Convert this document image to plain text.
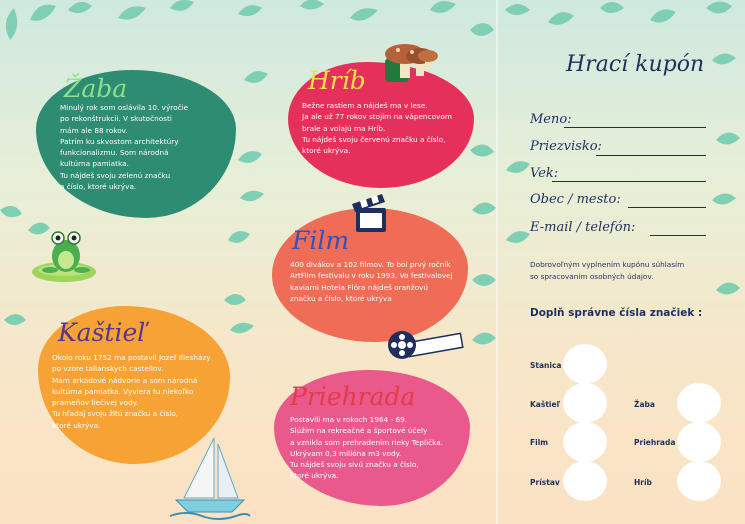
Žaba
Minulý rok som oslávila 10. výročie
po rekonštrukcii. V skutočnosti
mám ale 88 rokov.
Patrím ku skvostom architektúry
funkcionalizmu. Som národná
kultúrna pamiatka.
Tu nájdeš svoju zelenú značku
a číslo, ktoré ukrýva.
Hríb
Bežne rastiem a nájdeš ma v lese.
Ja ale už 77 rokov stojím na vápencovom
brale a volajú ma Hríb.
Tu nájdeš svoju červenú značku a číslo,
ktoré ukrýva.
Film
400 divákov a 102 filmov. To bol prvý ročník
ArtFilm festivalu v roku 1993. Vo festivalovej
kaviarni Hotela Flóra nájdeš oranžovú
značku a číslo, ktoré ukrýva
Kaštieľ
Okolo roku 1752 ma postavil Jozef Illesházy
po vzore talianskych castellov.
Mám arkádové nádvorie a som národná
kultúrna pamiatka. Vyviera tu niekoľko
prameňov liečivej vody.
Tu hľadaj svoju žltú značku a číslo,
ktoré ukrýva.
Priehrada
Postavili ma v rokoch 1964 - 69.
Slúžim na rekreačné a športové účely
a vznikla som prehradením rieky Teplička.
Ukrývam 0,3 milióna m3 vody.
Tu nájdeš svoju sivú značku a číslo,
ktoré ukrýva.
Hrací kupón
Meno:
Priezvisko:
Vek:
Obec / mesto:
E-mail / telefón:
Dobrovoľným vyplnením kupónu súhlasím
so spracovaním osobných údajov.
Doplň správne čísla značiek :
Stanica
Kaštieľ
Film
Prístav
Žaba
Priehrada
Hríb
